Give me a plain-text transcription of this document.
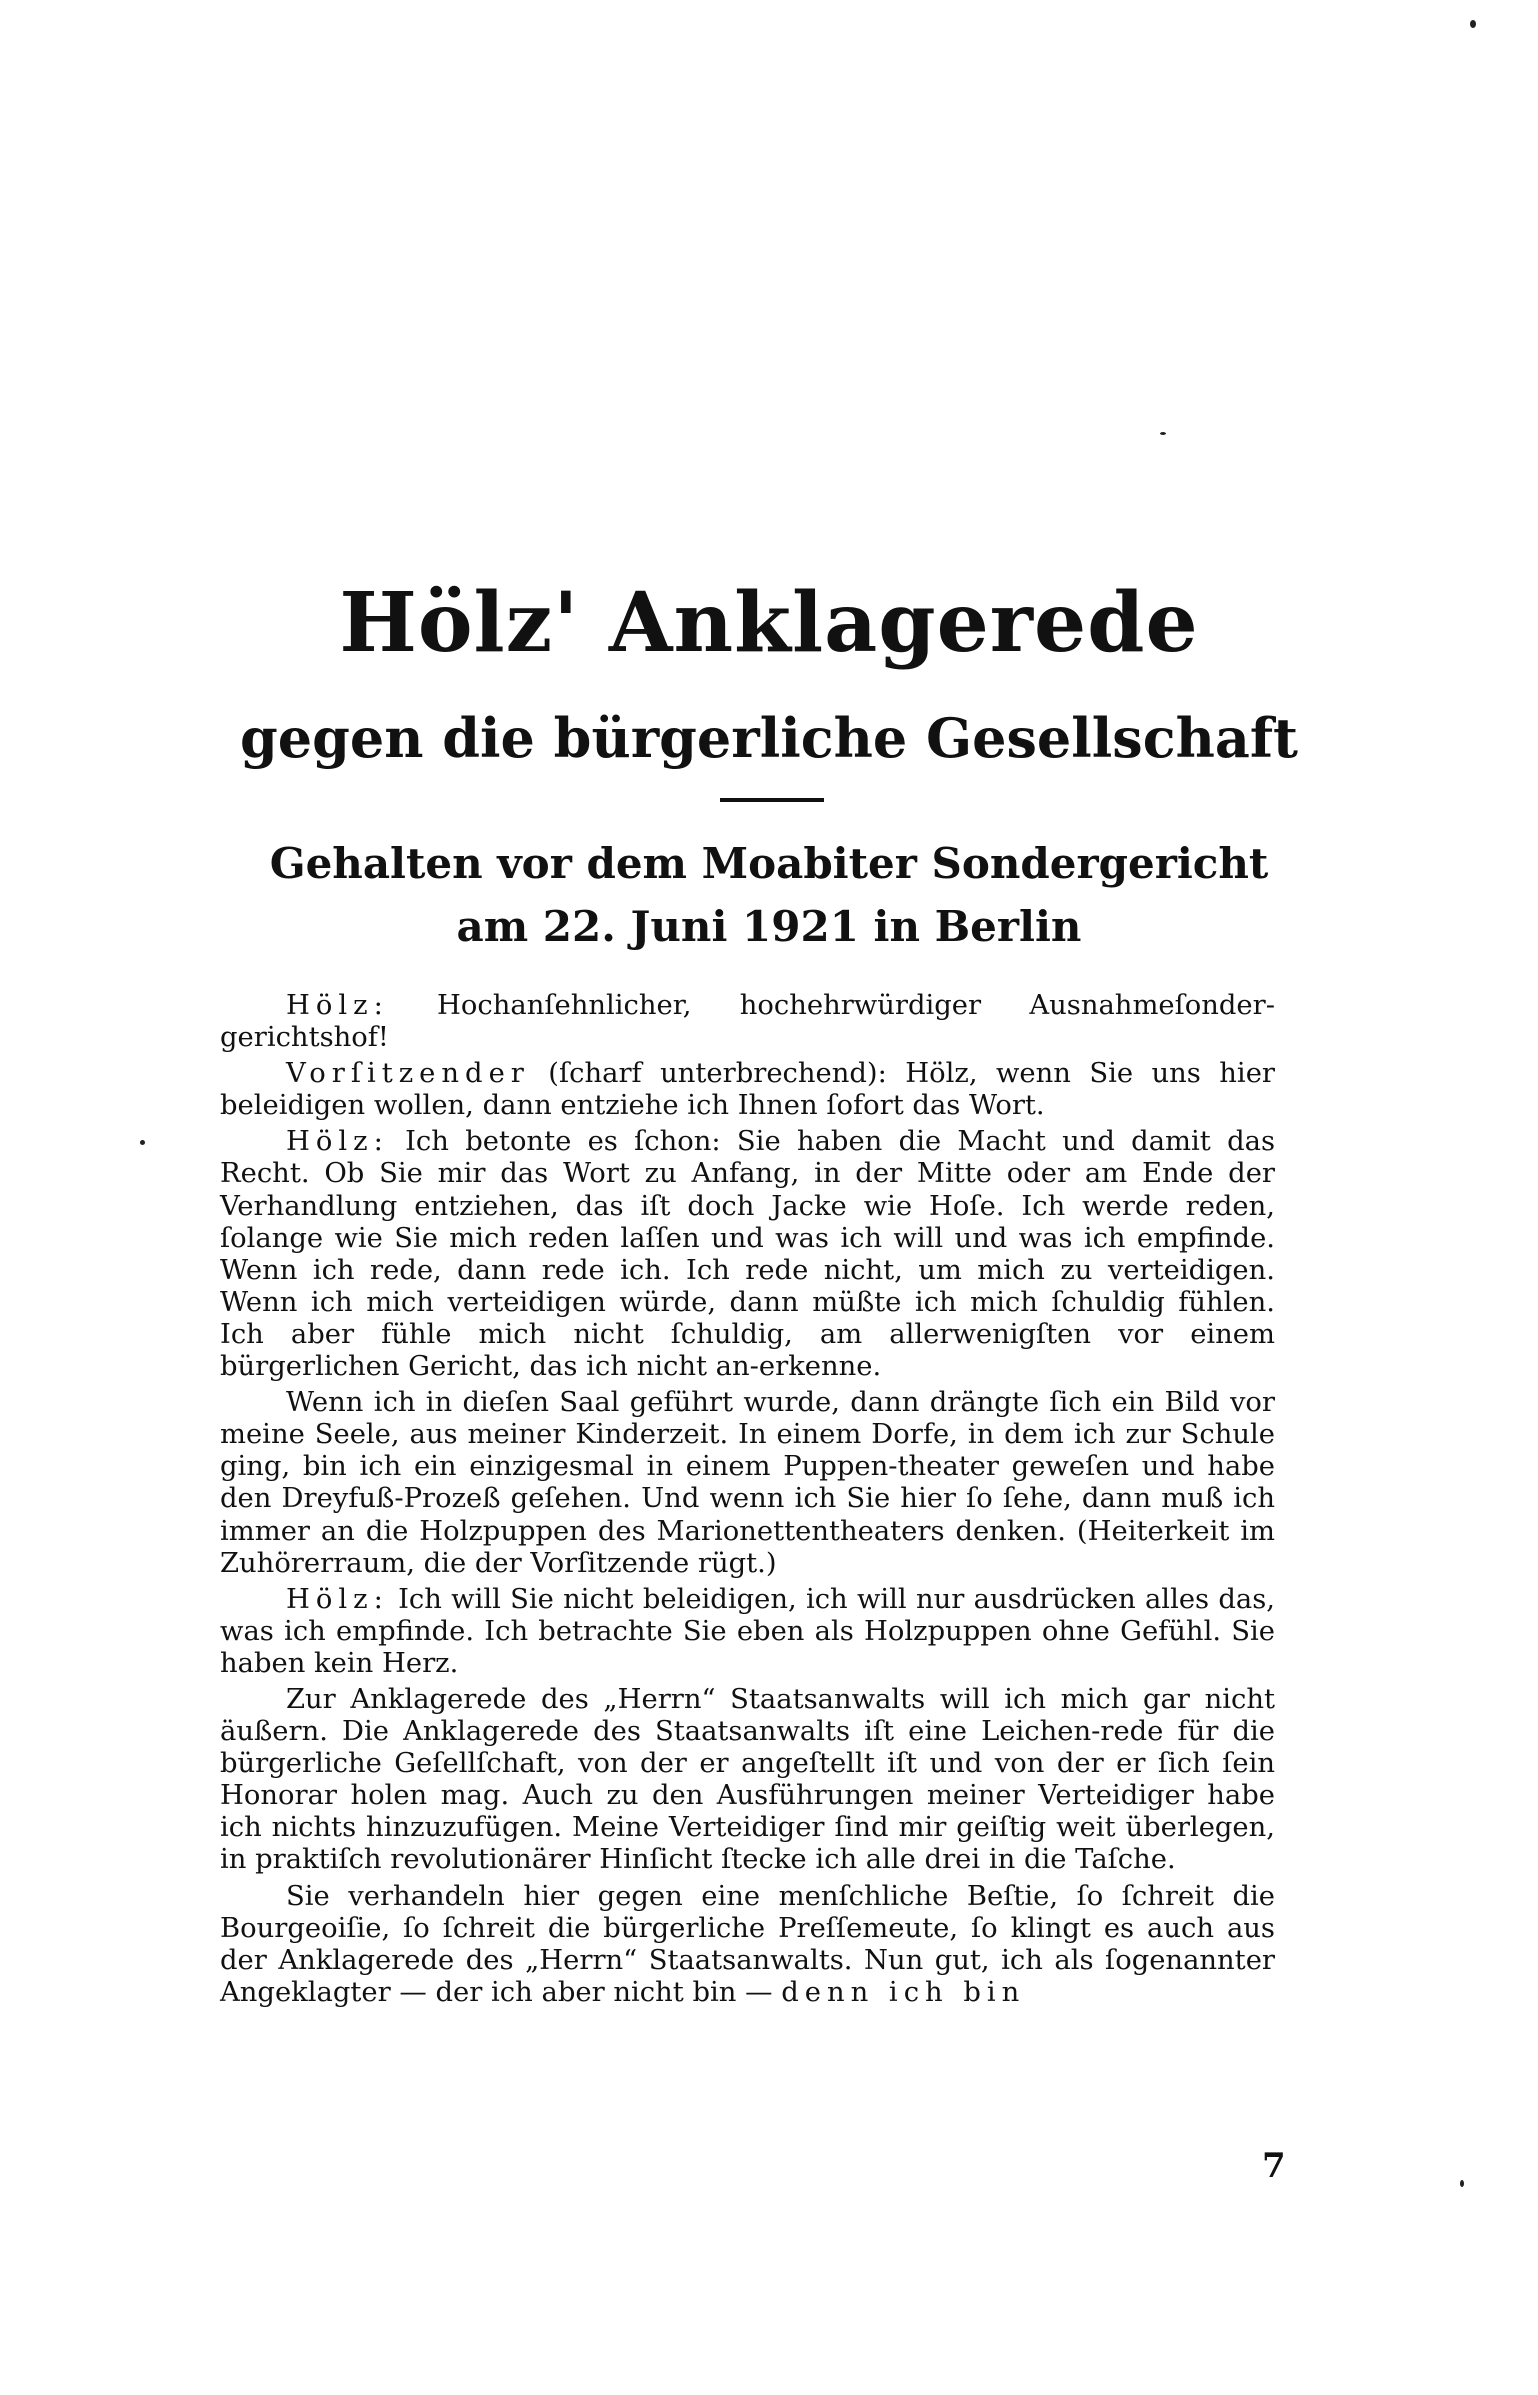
Hölz' Anklagerede
gegen die bürgerliche Gesellschaft
Gehalten vor dem Moabiter Sondergericht
am 22. Juni 1921 in Berlin

Hölz: Hochanſehnlicher, hochehrwürdiger Ausnahmeſonder-gerichtshof!

Vorſitzender (ſcharf unterbrechend): Hölz, wenn Sie uns hier beleidigen wollen, dann entziehe ich Ihnen ſofort das Wort.

Hölz: Ich betonte es ſchon: Sie haben die Macht und damit das Recht. Ob Sie mir das Wort zu Anfang, in der Mitte oder am Ende der Verhandlung entziehen, das iſt doch Jacke wie Hoſe. Ich werde reden, ſolange wie Sie mich reden laſſen und was ich will und was ich empfinde. Wenn ich rede, dann rede ich. Ich rede nicht, um mich zu verteidigen. Wenn ich mich verteidigen würde, dann müßte ich mich ſchuldig fühlen. Ich aber fühle mich nicht ſchuldig, am allerwenigſten vor einem bürgerlichen Gericht, das ich nicht an-erkenne.

Wenn ich in dieſen Saal geführt wurde, dann drängte ſich ein Bild vor meine Seele, aus meiner Kinderzeit. In einem Dorfe, in dem ich zur Schule ging, bin ich ein einzigesmal in einem Puppen-theater geweſen und habe den Dreyfuß-Prozeß geſehen. Und wenn ich Sie hier ſo ſehe, dann muß ich immer an die Holzpuppen des Marionettentheaters denken. (Heiterkeit im Zuhörerraum, die der Vorſitzende rügt.)

Hölz: Ich will Sie nicht beleidigen, ich will nur ausdrücken alles das, was ich empfinde. Ich betrachte Sie eben als Holzpuppen ohne Gefühl. Sie haben kein Herz.

Zur Anklagerede des „Herrn“ Staatsanwalts will ich mich gar nicht äußern. Die Anklagerede des Staatsanwalts iſt eine Leichen-rede für die bürgerliche Geſellſchaft, von der er angeſtellt iſt und von der er ſich ſein Honorar holen mag. Auch zu den Ausführungen meiner Verteidiger habe ich nichts hinzuzufügen. Meine Verteidiger ſind mir geiſtig weit überlegen, in praktiſch revolutionärer Hinſicht ſtecke ich alle drei in die Taſche.

Sie verhandeln hier gegen eine menſchliche Beſtie, ſo ſchreit die Bourgeoiſie, ſo ſchreit die bürgerliche Preſſemeute, ſo klingt es auch aus der Anklagerede des „Herrn“ Staatsanwalts. Nun gut, ich als ſogenannter Angeklagter — der ich aber nicht bin — denn ich bin

7
